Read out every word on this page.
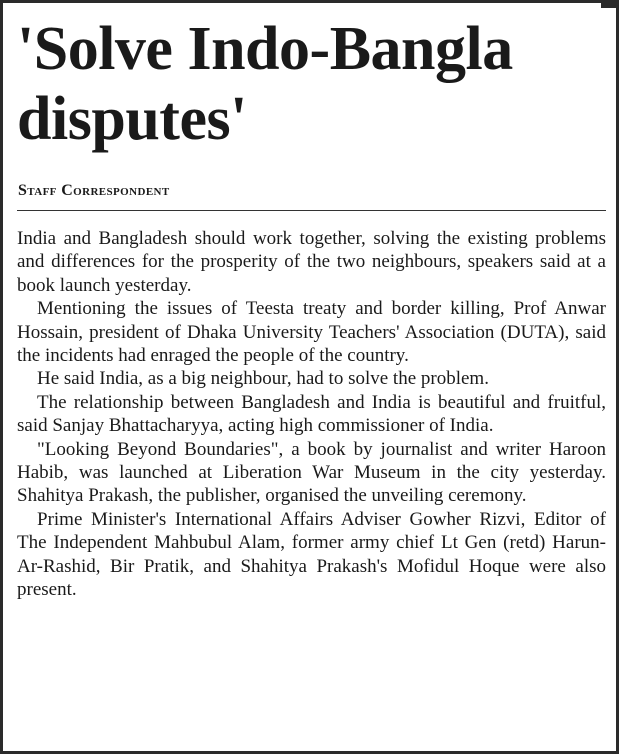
'Solve Indo-Bangla disputes'
Staff Correspondent

India and Bangladesh should work together, solving the existing problems and differences for the prosperity of the two neighbours, speakers said at a book launch yesterday.

Mentioning the issues of Teesta treaty and border killing, Prof Anwar Hossain, president of Dhaka University Teachers' Association (DUTA), said the incidents had enraged the people of the country.

He said India, as a big neighbour, had to solve the problem.

The relationship between Bangladesh and India is beautiful and fruitful, said Sanjay Bhattacharyya, acting high commissioner of India.

"Looking Beyond Boundaries", a book by journalist and writer Haroon Habib, was launched at Liberation War Museum in the city yesterday. Shahitya Prakash, the publisher, organised the unveiling ceremony.

Prime Minister's International Affairs Adviser Gowher Rizvi, Editor of The Independent Mahbubul Alam, former army chief Lt Gen (retd) Harun-Ar-Rashid, Bir Pratik, and Shahitya Prakash's Mofidul Hoque were also present.
